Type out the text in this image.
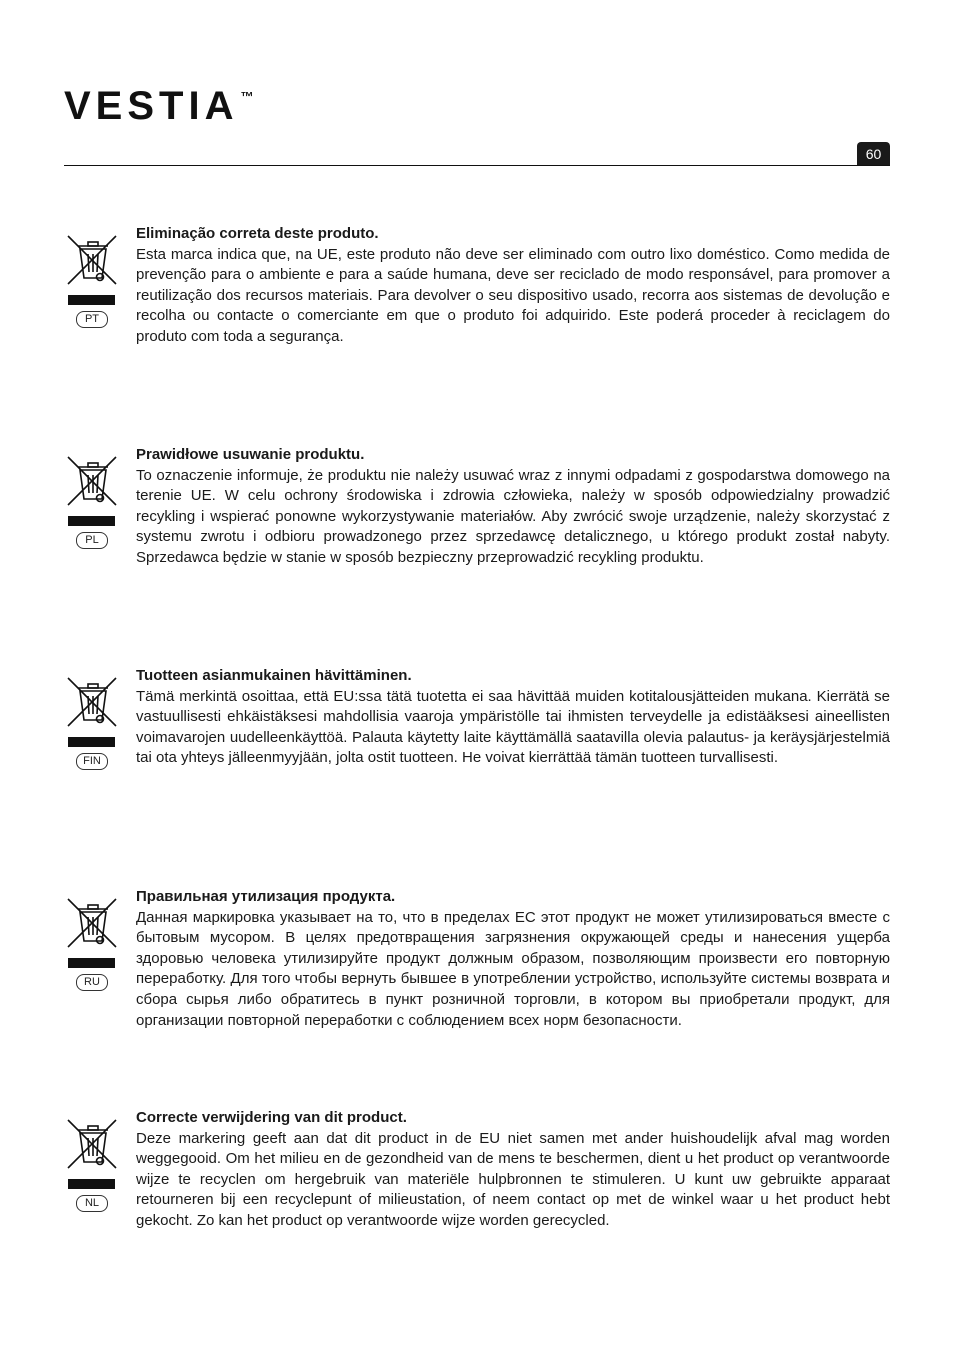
VESTIA ™
60
PT
Eliminação correta deste produto.
Esta marca indica que, na UE, este produto não deve ser eliminado com outro lixo doméstico. Como medida de prevenção para o ambiente e para a saúde humana, deve ser reciclado de modo responsável, para promover a reutilização dos recursos materiais. Para devolver o seu dispositivo usado, recorra aos sistemas de devolução e recolha ou contacte o comerciante em que o produto foi adquirido. Este poderá proceder à reciclagem do produto com toda a segurança.
PL
Prawidłowe usuwanie produktu.
To oznaczenie informuje, że produktu nie należy usuwać wraz z innymi odpadami z gospodarstwa domowego na terenie UE. W celu ochrony środowiska i zdrowia człowieka, należy w sposób odpowiedzialny prowadzić recykling i wspierać ponowne wykorzystywanie materiałów. Aby zwrócić swoje urządzenie, należy skorzystać z systemu zwrotu i odbioru prowadzonego przez sprzedawcę detalicznego, u którego produkt został nabyty. Sprzedawca będzie w stanie w sposób bezpieczny przeprowadzić recykling produktu.
FIN
Tuotteen asianmukainen hävittäminen.
Tämä merkintä osoittaa, että EU:ssa tätä tuotetta ei saa hävittää muiden kotitalousjätteiden mukana. Kierrätä se vastuullisesti ehkäistäksesi mahdollisia vaaroja ympäristölle tai ihmisten terveydelle ja edistääksesi aineellisten voimavarojen uudelleenkäyttöä. Palauta käytetty laite käyttämällä saatavilla olevia palautus- ja keräysjärjestelmiä tai ota yhteys jälleenmyyjään, jolta ostit tuotteen. He voivat kierrättää tämän tuotteen turvallisesti.
RU
Правильная утилизация продукта.
Данная маркировка указывает на то, что в пределах ЕС этот продукт не может утилизироваться вместе с бытовым мусором. В целях предотвращения загрязнения окружающей среды и нанесения ущерба здоровью человека утилизируйте продукт должным образом, позволяющим произвести его повторную переработку. Для того чтобы вернуть бывшее в употреблении устройство, используйте системы возврата и сбора сырья либо обратитесь в пункт розничной торговли, в котором вы приобретали продукт, для организации повторной переработки с соблюдением всех норм безопасности.
NL
Correcte verwijdering van dit product.
Deze markering geeft aan dat dit product in de EU niet samen met ander huishoudelijk afval mag worden weggegooid. Om het milieu en de gezondheid van de mens te beschermen, dient u het product op verantwoorde wijze te recyclen om hergebruik van materiële hulpbronnen te stimuleren. U kunt uw gebruikte apparaat retourneren bij een recyclepunt of milieustation, of neem contact op met de winkel waar u het product hebt gekocht. Zo kan het product op verantwoorde wijze worden gerecycled.
